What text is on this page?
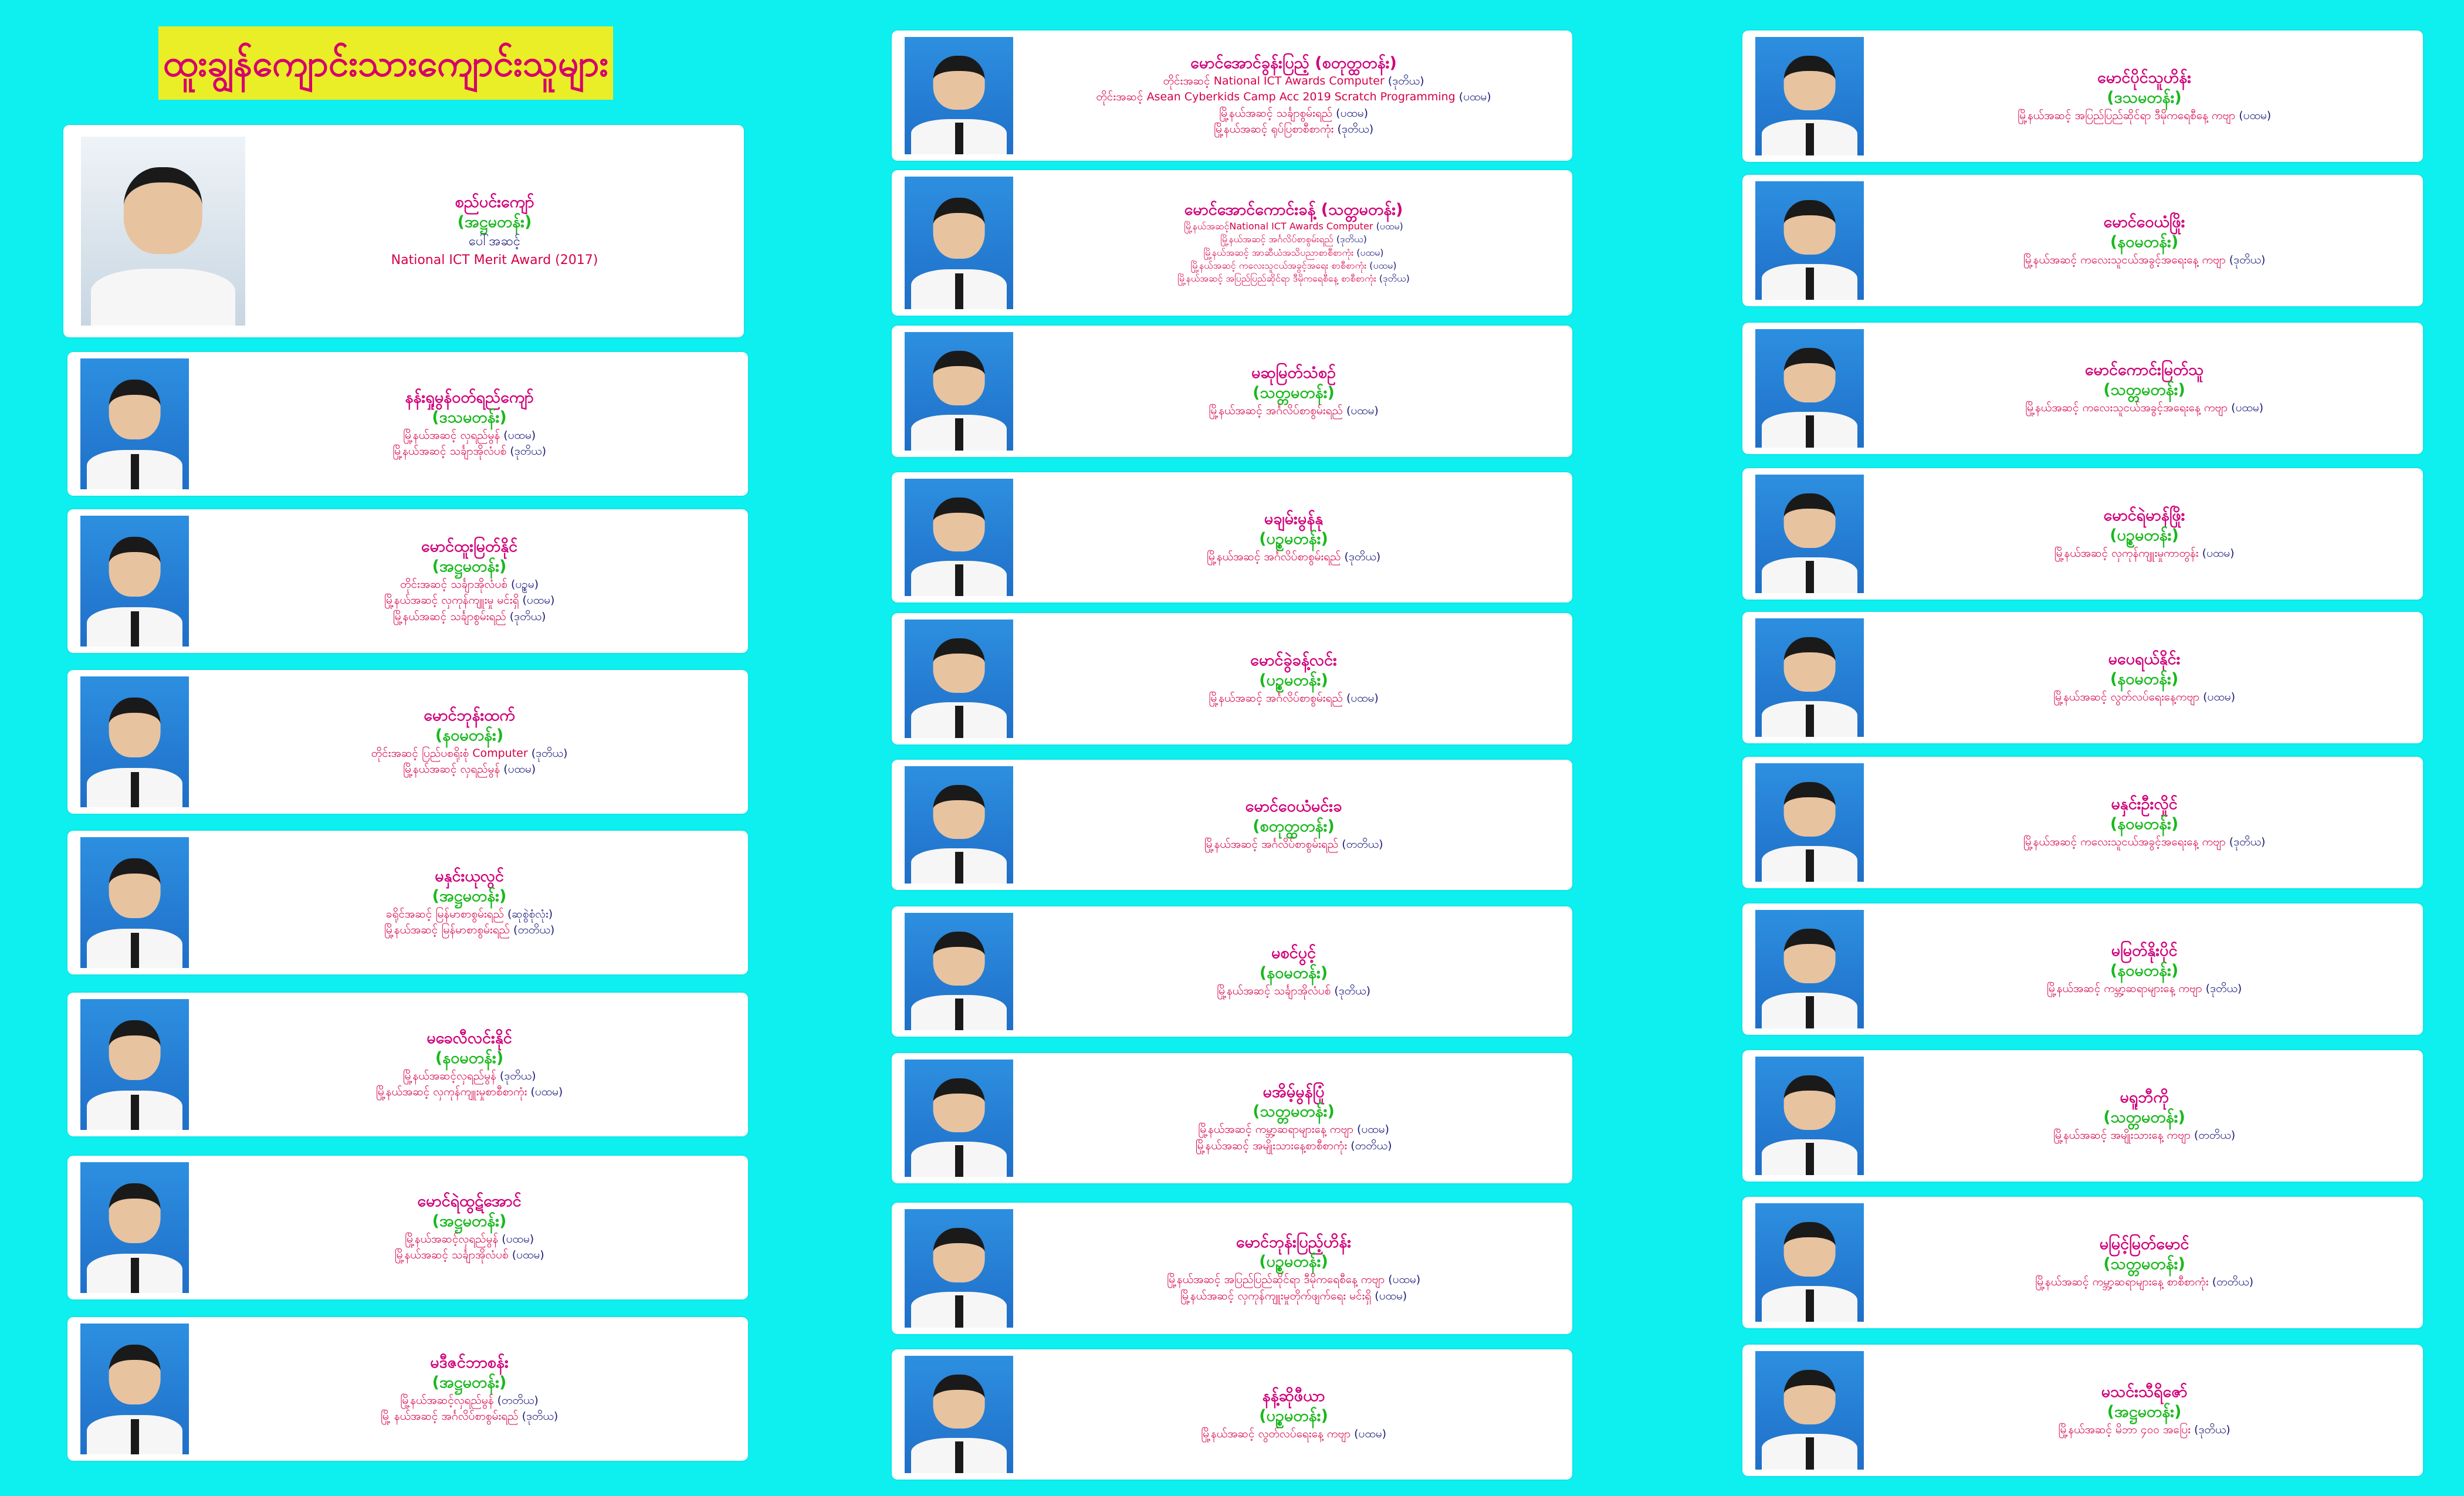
ထူးချွန်ကျောင်းသားကျောင်းသူများ
စည်ပင်းကျော်
(အဋ္ဌမတန်း)
ပေါ်အဆင့်
National ICT Merit Award (2017)
နန်းရှုမွန်ဝတ်ရည်ကျော်
(ဒသမတန်း)
မြို့နယ်အဆင့် လှရည်မွန် (ပထမ)
မြို့နယ်အဆင့် သင်္ချာအိုလံပစ် (ဒုတိယ)
မောင်ထူးမြတ်နိုင်
(အဋ္ဌမတန်း)
တိုင်းအဆင့် သင်္ချာအိုလံပစ် (ပဥ္စမ)
မြို့နယ်အဆင့် လှကုန်ကျူးမှု မင်းရှိ (ပထမ)
မြို့နယ်အဆင့် သင်္ချာစွမ်းရည် (ဒုတိယ)
မောင်ဘုန်းထက်
(နဝမတန်း)
တိုင်းအဆင့် ပြည်ပစရိုးစုံ Computer (ဒုတိယ)
မြို့နယ်အဆင့် လှရည်မွန် (ပထမ)
မနှင်းယုလွင်
(အဋ္ဌမတန်း)
ခရိုင်အဆင့် မြန်မာစာစွမ်းရည် (ဆုစွဲစုံလုံး)
မြို့နယ်အဆင့် မြန်မာစာစွမ်းရည် (တတိယ)
မခေလီလင်းနိုင်
(နဝမတန်း)
မြို့နယ်အဆင့်လှရည်မွန် (ဒုတိယ)
မြို့နယ်အဆင့် လှကုန်ကျူးမှုစာစီစာကုံး (ပထမ)
မောင်ရဲထွဋ်အောင်
(အဋ္ဌမတန်း)
မြို့နယ်အဆင့်လှရည်မွန် (ပထမ)
မြို့နယ်အဆင့် သင်္ချာအိုလံပစ် (ပထမ)
မဒီဇင်ဘာစန်း
(အဋ္ဌမတန်း)
မြို့နယ်အဆင့်လှရည်မွန် (တတိယ)
မြို့ နယ်အဆင့် အင်္ဂလိပ်စာစွမ်းရည် (ဒုတိယ)
မောင်အောင်ခွန်းပြည့် (စတုတ္ထတန်း)
တိုင်းအဆင့် National ICT Awards Computer (ဒုတိယ)
တိုင်းအဆင့် Asean Cyberkids Camp Acc 2019 Scratch Programming (ပထမ)
မြို့နယ်အဆင့် သင်္ချာစွမ်းရည် (ပထမ)
မြို့နယ်အဆင့် ရုပ်ပြစာစီစာကုံး (ဒုတိယ)
မောင်အောင်ကောင်းခန့် (သတ္တမတန်း)
မြို့နယ်အဆင့်National ICT Awards Computer (ပထမ)
မြို့နယ်အဆင့် အင်္ဂလိပ်စာစွမ်းရည် (ဒုတိယ)
မြို့နယ်အဆင့် အာဆီယံအသိပညာစာစီစာကုံး (ပထမ)
မြို့နယ်အဆင့် ကလေးသူငယ်အခွင့်အရေး စာစီစာကုံး (ပထမ)
မြို့နယ်အဆင့် အပြည်ပြည်ဆိုင်ရာ ဒီမိုကရေစီနေ့ စာစီစာကုံး (ဒုတိယ)
မဆုမြတ်သံစဉ်
(သတ္တမတန်း)
မြို့နယ်အဆင့် အင်္ဂလိပ်စာစွမ်းရည် (ပထမ)
မချမ်းမွန်နု
(ပဥ္စမတန်း)
မြို့နယ်အဆင့် အင်္ဂလိပ်စာစွမ်းရည် (ဒုတိယ)
မောင်ခွဲခန့်လင်း
(ပဥ္စမတန်း)
မြို့နယ်အဆင့် အင်္ဂလိပ်စာစွမ်းရည် (ပထမ)
မောင်ဝေယံမင်းခ
(စတုတ္ထတန်း)
မြို့နယ်အဆင့် အင်္ဂလိပ်စာစွမ်းရည် (တတိယ)
မစင်ပွင့်
(နဝမတန်း)
မြို့နယ်အဆင့် သင်္ချာအိုလံပစ် (ဒုတိယ)
မအိမ့်မွန်ပြုံ
(သတ္တမတန်း)
မြို့နယ်အဆင့် ကမ္ဘာ့ဆရာများနေ့ ကဗျာ (ပထမ)
မြို့နယ်အဆင့် အမျိုးသားနေ့စာစီစာကုံး (တတိယ)
မောင်ဘုန်းပြည့်ဟိန်း
(ပဥ္စမတန်း)
မြို့နယ်အဆင့် အပြည်ပြည်ဆိုင်ရာ ဒီမိုကရေစီနေ့ ကဗျာ (ပထမ)
မြို့နယ်အဆင့် လှကုန်ကျူးမှုတိုက်ဖျက်ရေး မင်းရှိ (ပထမ)
နန့်ဆိုဖီယာ
(ပဥ္စမတန်း)
မြို့နယ်အဆင့် လွတ်လပ်ရေးနေ့ ကဗျာ (ပထမ)
မောင်ပိုင်သူဟိန်း
(ဒသမတန်း)
မြို့နယ်အဆင့် အပြည်ပြည်ဆိုင်ရာ ဒီမိုကရေစီနေ့ ကဗျာ (ပထမ)
မောင်ဝေယံဖြိုး
(နဝမတန်း)
မြို့နယ်အဆင့် ကလေးသူငယ်အခွင့်အရေးနေ့ ကဗျာ (ဒုတိယ)
မောင်ကောင်းမြတ်သူ
(သတ္တမတန်း)
မြို့နယ်အဆင့် ကလေးသူငယ်အခွင့်အရေးနေ့ ကဗျာ (ပထမ)
မောင်ရဲမာန်ဖြိုး
(ပဥ္စမတန်း)
မြို့နယ်အဆင့် လှကုန်ကျူးမှုကာတွန်း (ပထမ)
မပေရယ်နိုင်း
(နဝမတန်း)
မြို့နယ်အဆင့် လွတ်လပ်ရေးနေ့ကဗျာ (ပထမ)
မနှင်းဦးလှိုင်
(နဝမတန်း)
မြို့နယ်အဆင့် ကလေးသူငယ်အခွင့်အရေးနေ့ ကဗျာ (ဒုတိယ)
မမြတ်နိုးပိုင်
(နဝမတန်း)
မြို့နယ်အဆင့် ကမ္ဘာ့ဆရာများနေ့ ကဗျာ (ဒုတိယ)
မရူဘီကို
(သတ္တမတန်း)
မြို့နယ်အဆင့် အမျိုးသားနေ့ ကဗျာ (တတိယ)
မမြင့်မြတ်မောင်
(သတ္တမတန်း)
မြို့နယ်အဆင့် ကမ္ဘာ့ဆရာများနေ့ စာစီစာကုံး (တတိယ)
မသင်းသီရိဇော်
(အဋ္ဌမတန်း)
မြို့နယ်အဆင့် မိဘာ ၄၀၀ အပြေး (ဒုတိယ)
